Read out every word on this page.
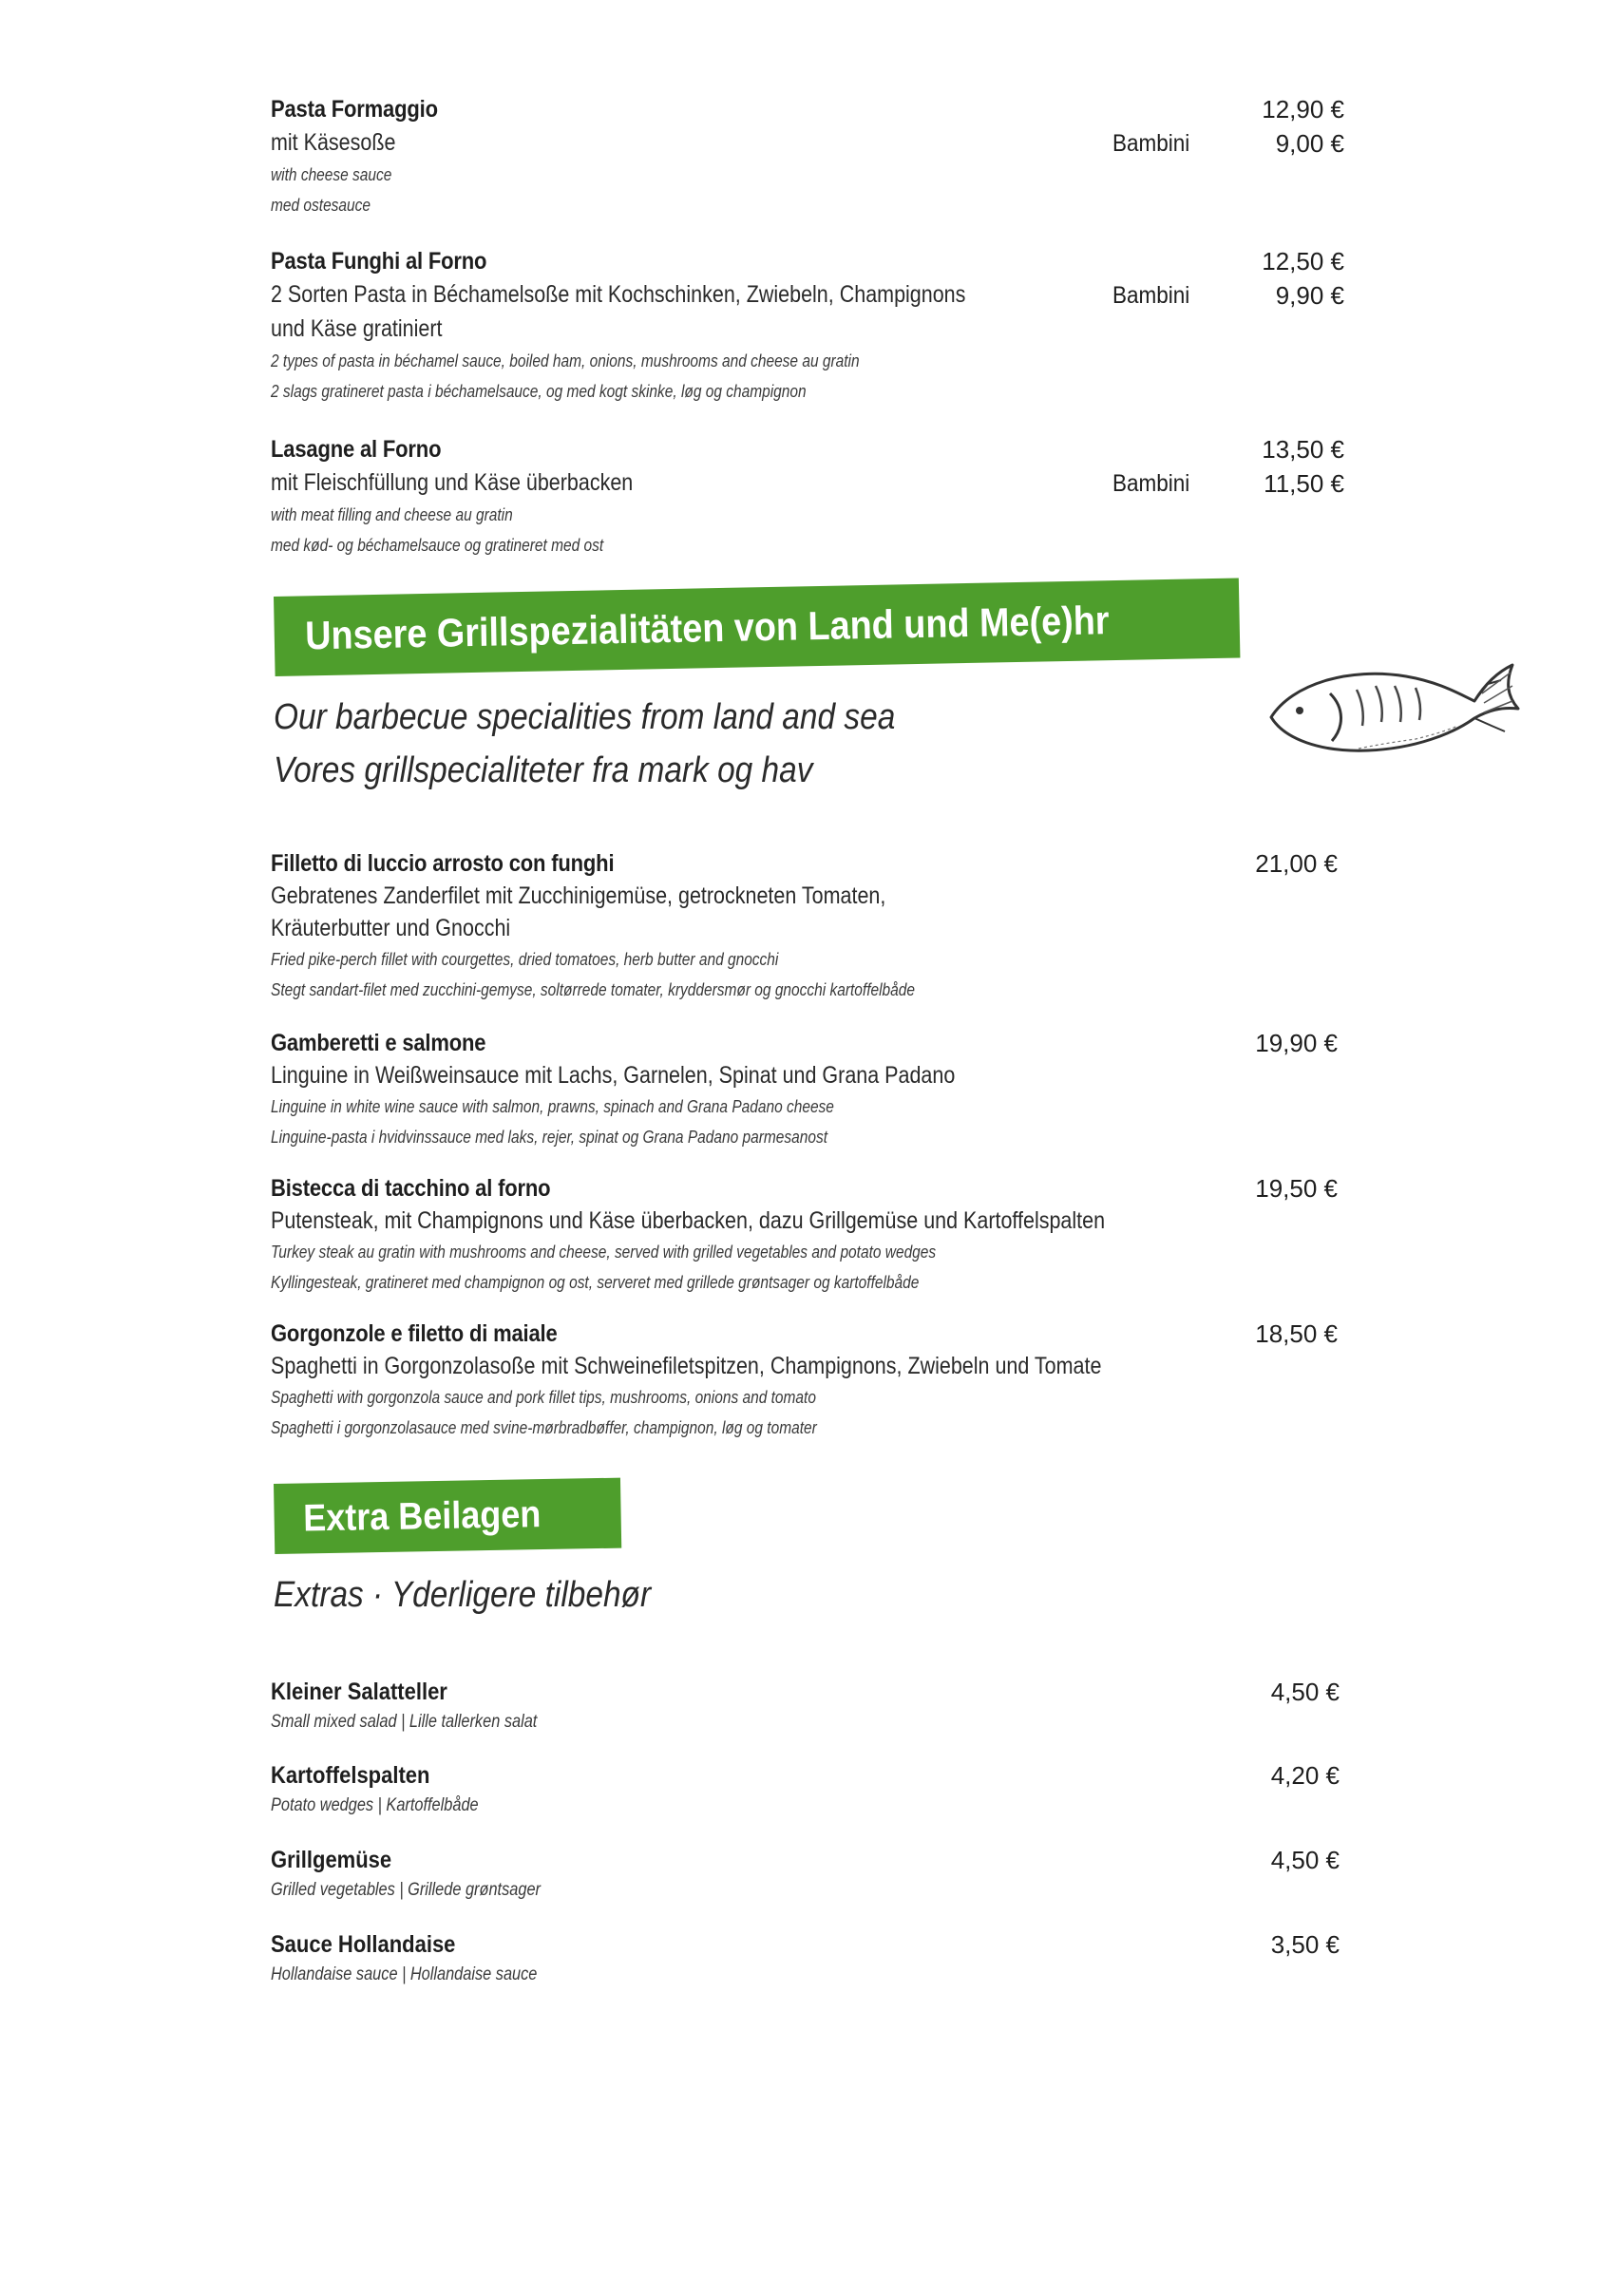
Pasta Formaggio
mit Käsesoße
with cheese sauce
med ostesauce
12,90 €
Bambini	9,00 €
Pasta Funghi al Forno
2 Sorten Pasta in Béchamelsoße mit Kochschinken, Zwiebeln, Champignons
und Käse gratiniert
2 types of pasta in béchamel sauce, boiled ham, onions, mushrooms and cheese au gratin
2 slags gratineret pasta i béchamelsauce, og med kogt skinke, løg og champignon
12,50 €
Bambini	9,90 €
Lasagne al Forno
mit Fleischfüllung und Käse überbacken
with meat filling and cheese au gratin
med kød- og béchamelsauce og gratineret med ost
13,50 €
Bambini	11,50 €
Unsere Grillspezialitäten von Land und Me(e)hr
Our barbecue specialities from land and sea
Vores grillspecialiteter fra mark og hav
Filletto di luccio arrosto con funghi
Gebratenes Zanderfilet mit Zucchinigemüse, getrockneten Tomaten,
Kräuterbutter und Gnocchi
Fried pike-perch fillet with courgettes, dried tomatoes, herb butter and gnocchi
Stegt sandart-filet med zucchini-gemyse, soltørrede tomater, kryddersmør og gnocchi kartoffelbåde
21,00 €
Gamberetti e salmone
Linguine in Weißweinsauce mit Lachs, Garnelen, Spinat und Grana Padano
Linguine in white wine sauce with salmon, prawns, spinach and Grana Padano cheese
Linguine-pasta i hvidvinssauce med laks, rejer, spinat og Grana Padano parmesanost
19,90 €
Bistecca di tacchino al forno
Putensteak, mit Champignons und Käse überbacken, dazu Grillgemüse und Kartoffelspalten
Turkey steak au gratin with mushrooms and cheese, served with grilled vegetables and potato wedges
Kyllingesteak, gratineret med champignon og ost, serveret med grillede grøntsager og kartoffelbåde
19,50 €
Gorgonzole e filetto di maiale
Spaghetti in Gorgonzolasoße mit Schweinefiletspitzen, Champignons, Zwiebeln und Tomate
Spaghetti with gorgonzola sauce and pork fillet tips, mushrooms, onions and tomato
Spaghetti i gorgonzolasauce med svine-mørbradbøffer, champignon, løg og tomater
18,50 €
Extra Beilagen
Extras · Yderligere tilbehør
Kleiner Salatteller
Small mixed salad | Lille tallerken salat
4,50 €
Kartoffelspalten
Potato wedges | Kartoffelbåde
4,20 €
Grillgemüse
Grilled vegetables | Grillede grøntsager
4,50 €
Sauce Hollandaise
Hollandaise sauce | Hollandaise sauce
3,50 €
